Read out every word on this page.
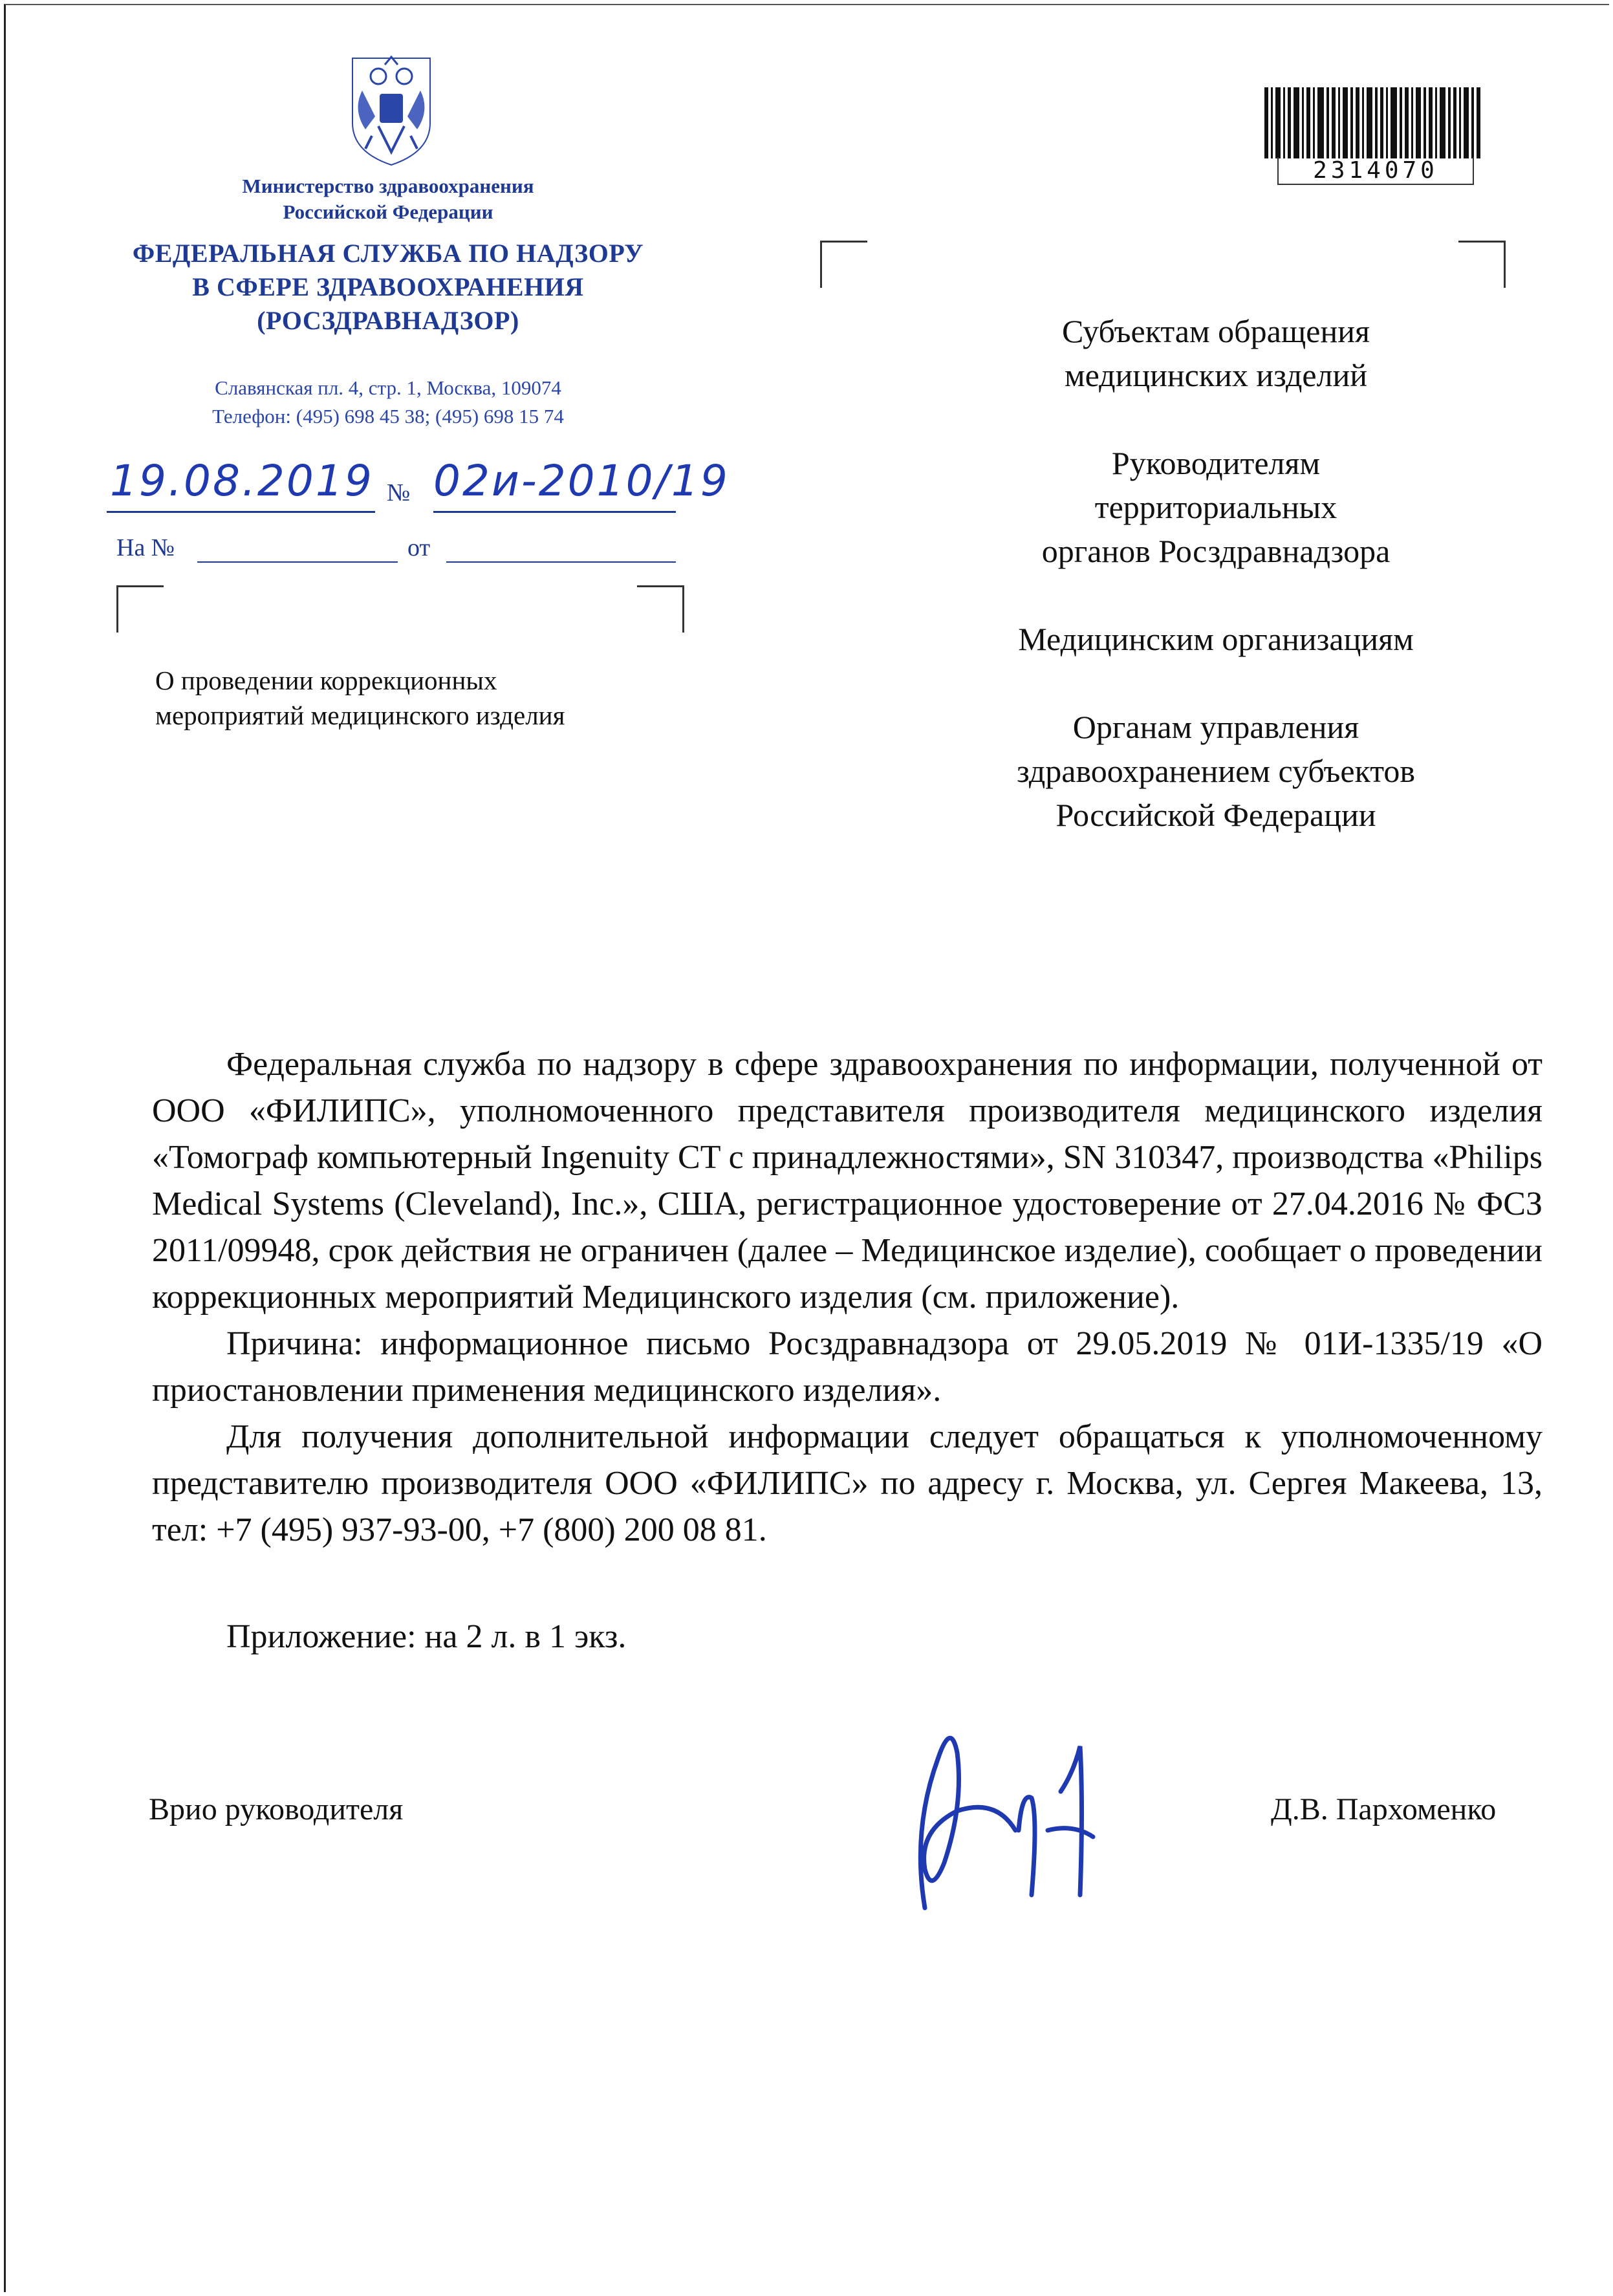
Министерство здравоохранения
Российской Федерации
ФЕДЕРАЛЬНАЯ СЛУЖБА ПО НАДЗОРУ
В СФЕРЕ ЗДРАВООХРАНЕНИЯ
(РОСЗДРАВНАДЗОР)
Славянская пл. 4, стр. 1, Москва, 109074
Телефон: (495) 698 45 38; (495) 698 15 74
19.08.2019 № 02и-2010/19
На №	от
О проведении коррекционных
мероприятий медицинского изделия
2314070

Субъектам обращения
медицинских изделий

Руководителям
территориальных
органов Росздравнадзора

Медицинским организациям

Органам управления
здравоохранением субъектов
Российской Федерации

Федеральная служба по надзору в сфере здравоохранения по информации, полученной от ООО «ФИЛИПС», уполномоченного представителя производителя медицинского изделия «Томограф компьютерный Ingenuity CT с принадлежностями», SN 310347, производства «Philips Medical Systems (Cleveland), Inc.», США, регистрационное удостоверение от 27.04.2016 № ФСЗ 2011/09948, срок действия не ограничен (далее – Медицинское изделие), сообщает о проведении коррекционных мероприятий Медицинского изделия (см. приложение).

Причина: информационное письмо Росздравнадзора от 29.05.2019 № 01И-1335/19 «О приостановлении применения медицинского изделия».

Для получения дополнительной информации следует обращаться к уполномоченному представителю производителя ООО «ФИЛИПС» по адресу г. Москва, ул. Сергея Макеева, 13, тел: +7 (495) 937-93-00, +7 (800) 200 08 81.

Приложение: на 2 л. в 1 экз.
Врио руководителя	Д.В. Пархоменко
